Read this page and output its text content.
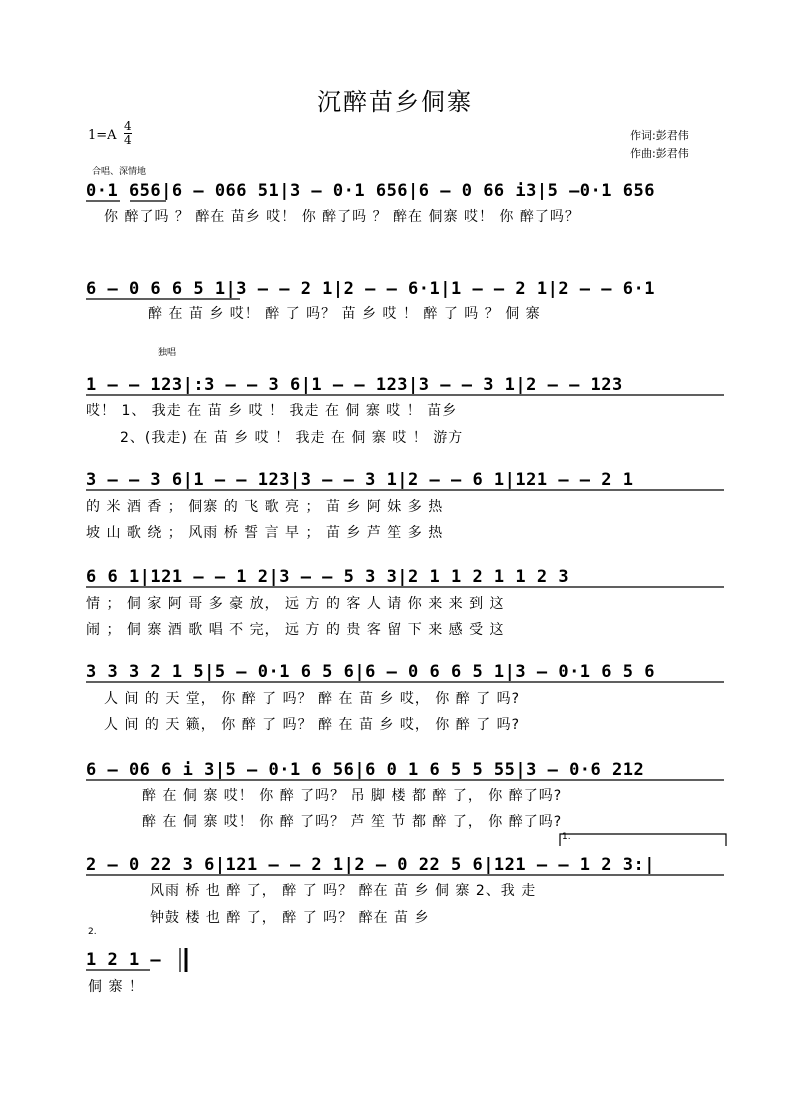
沉醉苗乡侗寨
$1=A \frac{4}{4}$	作词:彭君伟
作曲:彭君伟
合唱、深情地
独唱
1.
2.
0·1 656|6 – 066 51|3 – 0·1 656|6 – 0 66 i3|5 –0·1 656
你 醉了吗 ？ 醉在 苗乡 哎！ 你 醉了吗 ？ 醉在 侗寨 哎！ 你 醉了吗？
6 – 0 6 6 5 1|3 – – 2 1|2 – – 6·1|1 – – 2 1|2 – – 6·1
醉 在 苗 乡 哎！ 醉 了 吗？ 苗 乡 哎 ！ 醉 了 吗 ？ 侗 寨
1 – – 123|:3 – – 3 6|1 – – 123|3 – – 3 1|2 – – 123
哎！ 1、 我走 在 苗 乡 哎 ！ 我走 在 侗 寨 哎 ！ 苗乡
2、(我走) 在 苗 乡 哎 ！ 我走 在 侗 寨 哎 ！ 游方
3 – – 3 6|1 – – 123|3 – – 3 1|2 – – 6 1|121 – – 2 1
的 米 酒 香 ； 侗寨 的 飞 歌 亮 ； 苗 乡 阿 妹 多 热
坡 山 歌 绕 ； 风雨 桥 誓 言 早 ； 苗 乡 芦 笙 多 热
6 6 1|121 – – 1 2|3 – – 5 3 3|2 1 1 2 1 1 2 3
情 ； 侗 家 阿 哥 多 豪 放， 远 方 的 客 人 请 你 来 来 到 这
闹 ； 侗 寨 酒 歌 唱 不 完， 远 方 的 贵 客 留 下 来 感 受 这
3 3 3 2 1 5|5 – 0·1 6 5 6|6 – 0 6 6 5 1|3 – 0·1 6 5 6
人 间 的 天 堂， 你 醉 了 吗？ 醉 在 苗 乡 哎， 你 醉 了 吗?
人 间 的 天 籁， 你 醉 了 吗？ 醉 在 苗 乡 哎， 你 醉 了 吗?
6 – 06 6 i 3|5 – 0·1 6 56|6 0 1 6 5 5 55|3 – 0·6 212
醉 在 侗 寨 哎！ 你 醉 了吗？ 吊 脚 楼 都 醉 了， 你 醉了吗?
醉 在 侗 寨 哎！ 你 醉 了吗？ 芦 笙 节 都 醉 了， 你 醉了吗?
2 – 0 22 3 6|121 – – 2 1|2 – 0 22 5 6|121 – – 1 2 3:|
风雨 桥 也 醉 了， 醉 了 吗？ 醉在 苗 乡 侗 寨 2、我 走
钟鼓 楼 也 醉 了， 醉 了 吗？ 醉在 苗 乡
1 2 1 –
侗 寨 ！
